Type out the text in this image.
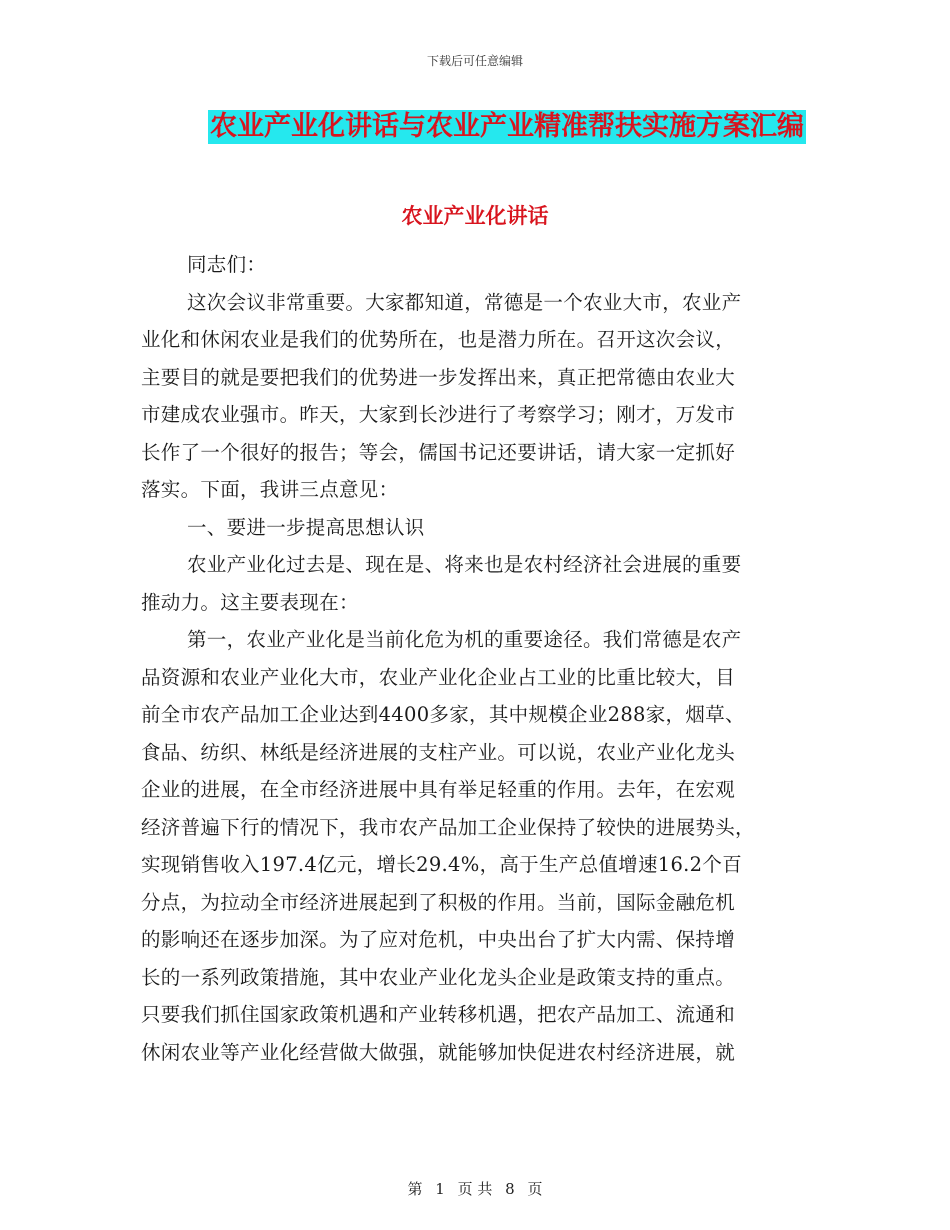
下载后可任意编辑
农业产业化讲话与农业产业精准帮扶实施方案汇编
农业产业化讲话
同志们：
这次会议非常重要。大家都知道，常德是一个农业大市，农业产
业化和休闲农业是我们的优势所在，也是潜力所在。召开这次会议，
主要目的就是要把我们的优势进一步发挥出来，真正把常德由农业大
市建成农业强市。昨天，大家到长沙进行了考察学习；刚才，万发市
长作了一个很好的报告；等会，儒国书记还要讲话，请大家一定抓好
落实。下面，我讲三点意见：
一、要进一步提高思想认识
农业产业化过去是、现在是、将来也是农村经济社会进展的重要
推动力。这主要表现在：
第一，农业产业化是当前化危为机的重要途径。我们常德是农产
品资源和农业产业化大市，农业产业化企业占工业的比重比较大，目
前全市农产品加工企业达到4400多家，其中规模企业288家，烟草、
食品、纺织、林纸是经济进展的支柱产业。可以说，农业产业化龙头
企业的进展，在全市经济进展中具有举足轻重的作用。去年，在宏观
经济普遍下行的情况下，我市农产品加工企业保持了较快的进展势头，
实现销售收入197.4亿元，增长29.4%，高于生产总值增速16.2个百
分点，为拉动全市经济进展起到了积极的作用。当前，国际金融危机
的影响还在逐步加深。为了应对危机，中央出台了扩大内需、保持增
长的一系列政策措施，其中农业产业化龙头企业是政策支持的重点。
只要我们抓住国家政策机遇和产业转移机遇，把农产品加工、流通和
休闲农业等产业化经营做大做强，就能够加快促进农村经济进展，就
第 1 页 共 8 页
